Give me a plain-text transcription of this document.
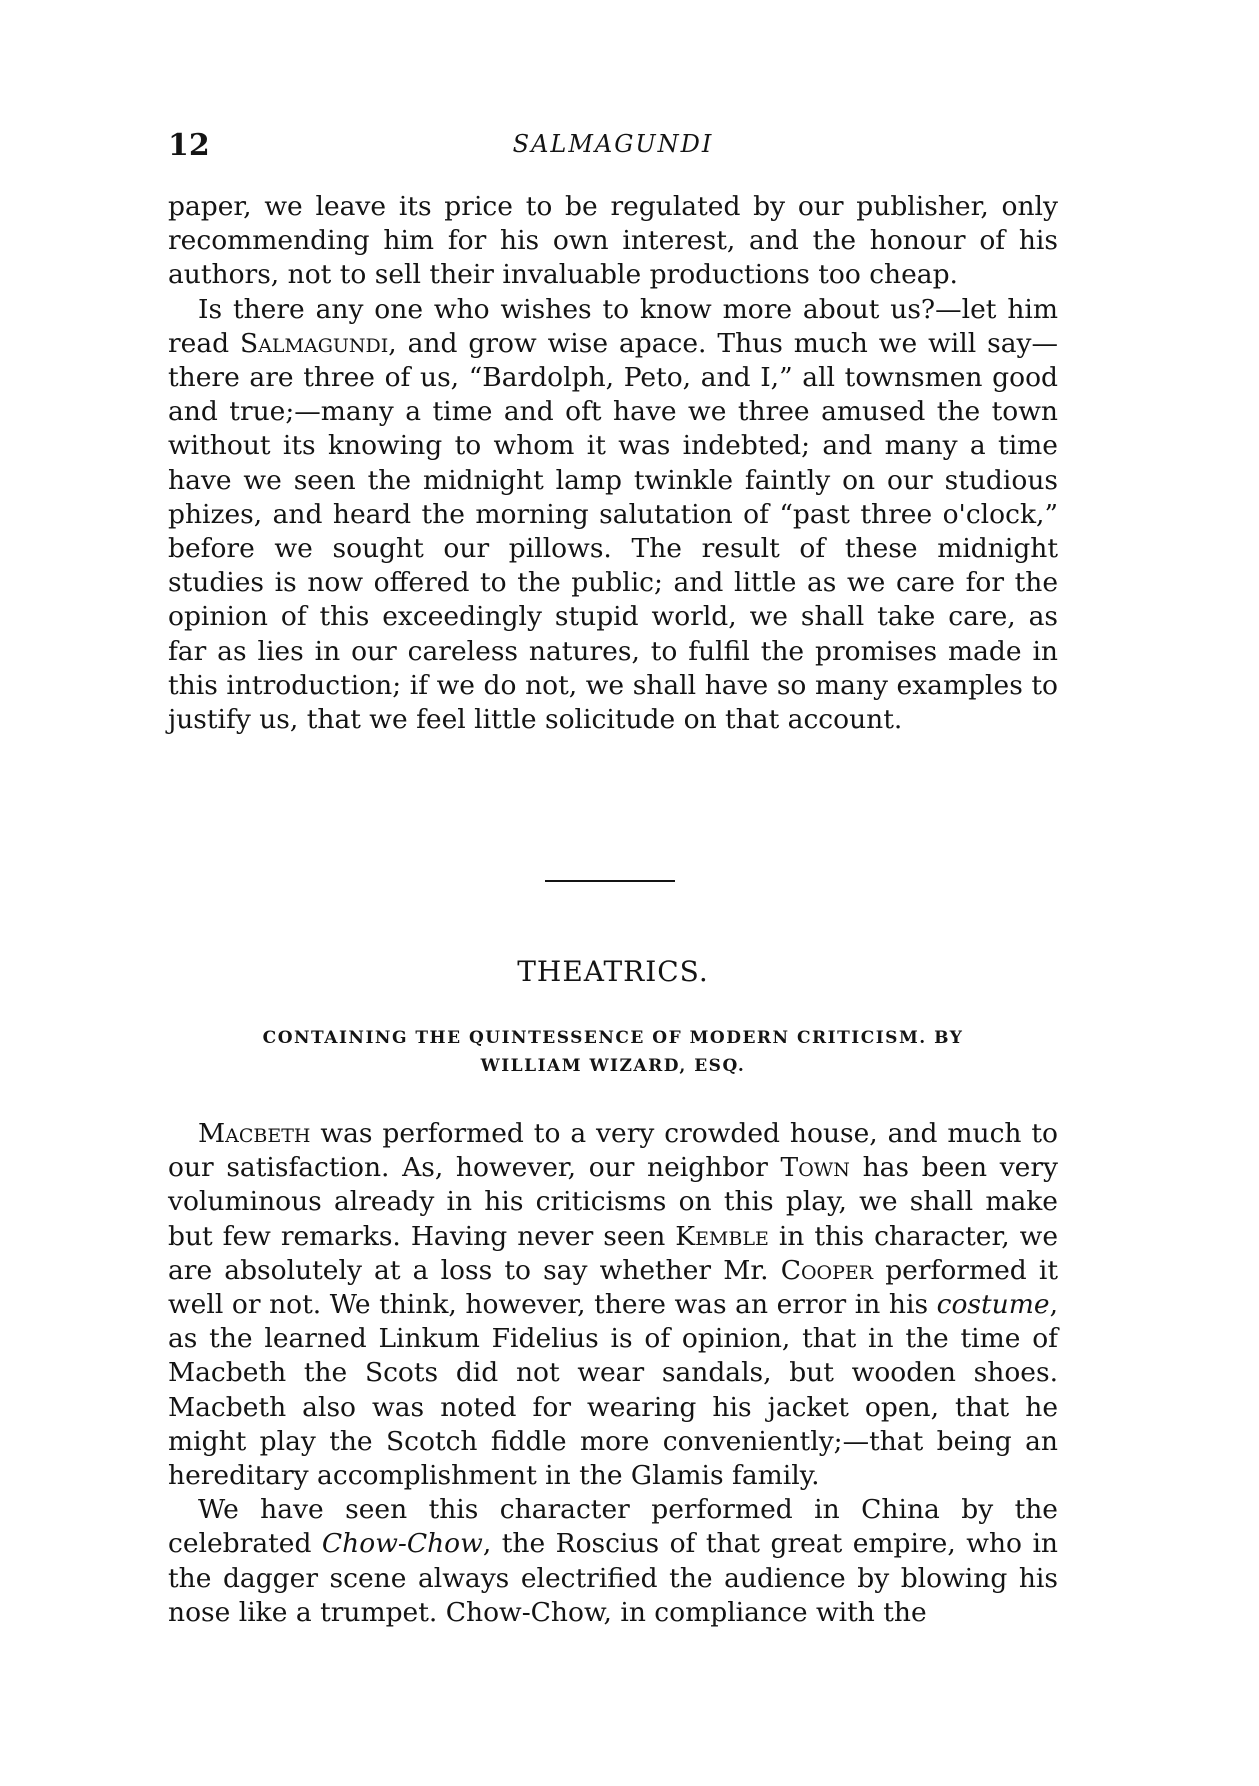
12	SALMAGUNDI

paper, we leave its price to be regulated by our publisher, only recommending him for his own interest, and the honour of his authors, not to sell their invaluable productions too cheap.

Is there any one who wishes to know more about us?—let him read Salmagundi, and grow wise apace. Thus much we will say—there are three of us, “Bardolph, Peto, and I,” all townsmen good and true;—many a time and oft have we three amused the town without its knowing to whom it was indebted; and many a time have we seen the midnight lamp twinkle faintly on our studious phizes, and heard the morning salutation of “past three o'clock,” before we sought our pillows. The result of these midnight studies is now offered to the public; and little as we care for the opinion of this exceedingly stupid world, we shall take care, as far as lies in our careless natures, to fulfil the promises made in this introduction; if we do not, we shall have so many examples to justify us, that we feel little solicitude on that account.

THEATRICS.
CONTAINING THE QUINTESSENCE OF MODERN CRITICISM. BY
WILLIAM WIZARD, ESQ.

Macbeth was performed to a very crowded house, and much to our satisfaction. As, however, our neighbor Town has been very voluminous already in his criticisms on this play, we shall make but few remarks. Having never seen Kemble in this character, we are absolutely at a loss to say whether Mr. Cooper performed it well or not. We think, however, there was an error in his costume, as the learned Linkum Fidelius is of opinion, that in the time of Macbeth the Scots did not wear sandals, but wooden shoes. Macbeth also was noted for wearing his jacket open, that he might play the Scotch fiddle more conveniently;—that being an hereditary accomplishment in the Glamis family.

We have seen this character performed in China by the celebrated Chow-Chow, the Roscius of that great empire, who in the dagger scene always electrified the audience by blowing his nose like a trumpet. Chow-Chow, in compliance with the
